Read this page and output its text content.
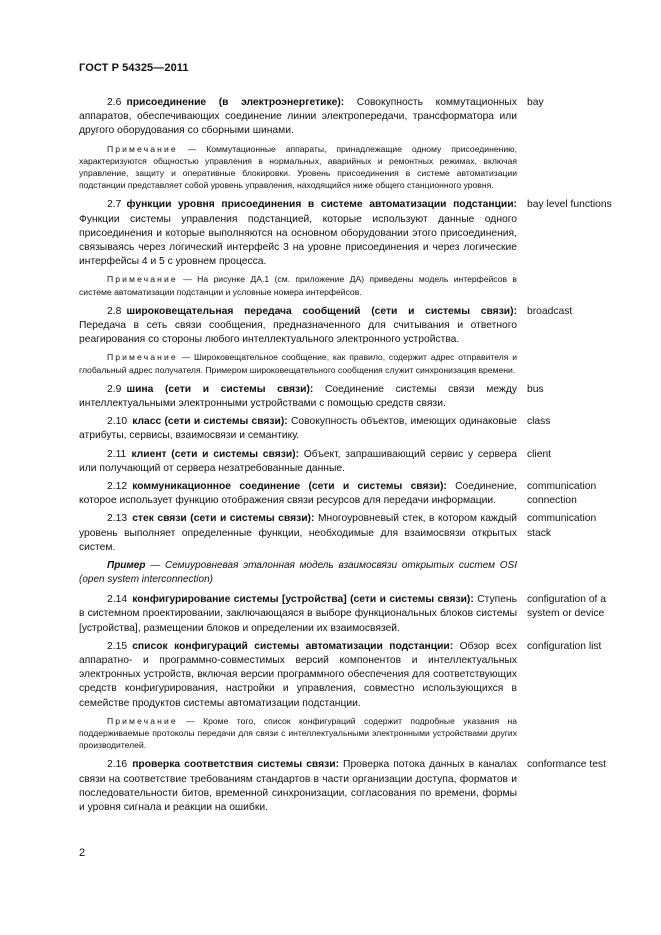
ГОСТ Р 54325—2011
2.6  присоединение (в электроэнергетике): Совокупность коммутационных аппаратов, обеспечивающих соединение линии электропередачи, трансформатора или другого оборудования со сборными шинами.
bay
Примечание — Коммутационные аппараты, принадлежащие одному присоединению, характеризуются общностью управления в нормальных, аварийных и ремонтных режимах, включая управление, защиту и оперативные блокировки. Уровень присоединения в системе автоматизации подстанции представляет собой уровень управления, находящийся ниже общего станционного уровня.
2.7  функции уровня присоединения в системе автоматизации подстанции: Функции системы управления подстанцией, которые используют данные одного присоединения и которые выполняются на основном оборудовании этого присоединения, связываясь через логический интерфейс 3 на уровне присоединения и через логические интерфейсы 4 и 5 с уровнем процесса.
bay level functions
Примечание — На рисунке ДА.1 (см. приложение ДА) приведены модель интерфейсов в системе автоматизации подстанции и условные номера интерфейсов.
2.8  широковещательная передача сообщений (сети и системы связи): Передача в сеть связи сообщения, предназначенного для считывания и ответного реагирования со стороны любого интеллектуального электронного устройства.
broadcast
Примечание — Широковещательное сообщение, как правило, содержит адрес отправителя и глобальный адрес получателя. Примером широковещательного сообщения служит синхронизация времени.
2.9  шина (сети и системы связи): Соединение системы связи между интеллектуальными электронными устройствами с помощью средств связи.
bus
2.10  класс (сети и системы связи): Совокупность объектов, имеющих одинаковые атрибуты, сервисы, взаимосвязи и семантику.
class
2.11  клиент (сети и системы связи): Объект, запрашивающий сервис у сервера или получающий от сервера незатребованные данные.
client
2.12  коммуникационное соединение (сети и системы связи): Соединение, которое использует функцию отображения связи ресурсов для передачи информации.
communication connection
2.13  стек связи (сети и системы связи): Многоуровневый стек, в котором каждый уровень выполняет определенные функции, необходимые для взаимосвязи открытых систем.
communication stack
Пример — Семиуровневая эталонная модель взаимосвязи открытых систем OSI (open system interconnection)
2.14  конфигурирование системы [устройства] (сети и системы связи): Ступень в системном проектировании, заключающаяся в выборе функциональных блоков системы [устройства], размещении блоков и определении их взаимосвязей.
configuration of a system or device
2.15  список конфигураций системы автоматизации подстанции: Обзор всех аппаратно- и программно-совместимых версий компонентов и интеллектуальных электронных устройств, включая версии программного обеспечения для соответствующих средств конфигурирования, настройки и управления, совместно использующихся в семействе продуктов системы автоматизации подстанции.
configuration list
Примечание — Кроме того, список конфигураций содержит подробные указания на поддерживаемые протоколы передачи для связи с интеллектуальными электронными устройствами других производителей.
2.16  проверка соответствия системы связи: Проверка потока данных в каналах связи на соответствие требованиям стандартов в части организации доступа, форматов и последовательности битов, временной синхронизации, согласования по времени, формы и уровня сигнала и реакции на ошибки.
conformance test
2
